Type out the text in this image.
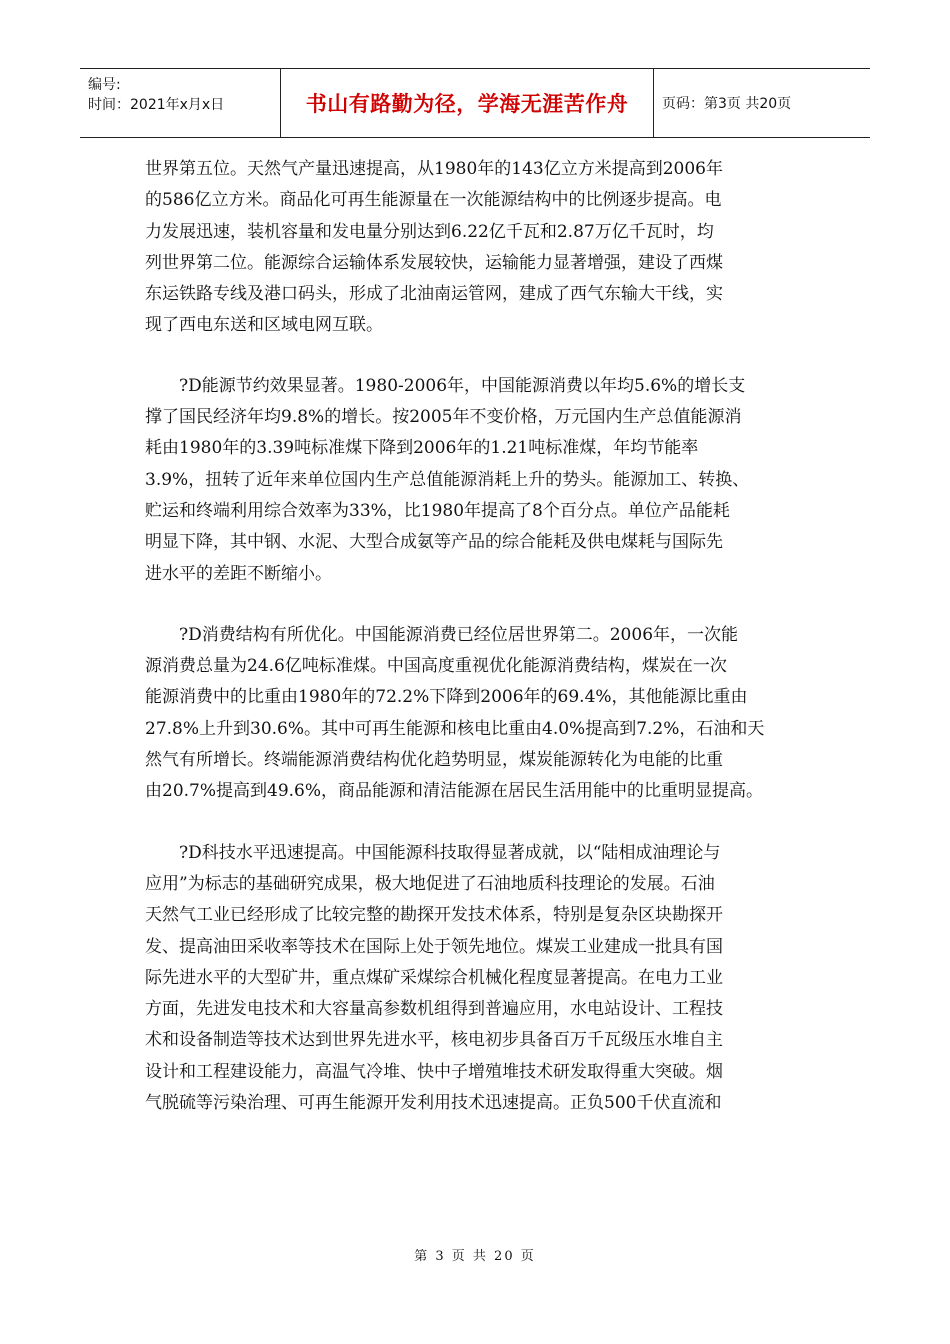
编号:
时间：2021年x月x日	书山有路勤为径，学海无涯苦作舟	页码：第3页 共20页

世界第五位。天然气产量迅速提高，从1980年的143亿立方米提高到2006年
的586亿立方米。商品化可再生能源量在一次能源结构中的比例逐步提高。电
力发展迅速，装机容量和发电量分别达到6.22亿千瓦和2.87万亿千瓦时，均
列世界第二位。能源综合运输体系发展较快，运输能力显著增强，建设了西煤
东运铁路专线及港口码头，形成了北油南运管网，建成了西气东输大干线，实
现了西电东送和区域电网互联。

　　?D能源节约效果显著。1980-2006年，中国能源消费以年均5.6%的增长支
撑了国民经济年均9.8%的增长。按2005年不变价格，万元国内生产总值能源消
耗由1980年的3.39吨标准煤下降到2006年的1.21吨标准煤，年均节能率
3.9%，扭转了近年来单位国内生产总值能源消耗上升的势头。能源加工、转换、
贮运和终端利用综合效率为33%，比1980年提高了8个百分点。单位产品能耗
明显下降，其中钢、水泥、大型合成氨等产品的综合能耗及供电煤耗与国际先
进水平的差距不断缩小。

　　?D消费结构有所优化。中国能源消费已经位居世界第二。2006年，一次能
源消费总量为24.6亿吨标准煤。中国高度重视优化能源消费结构，煤炭在一次
能源消费中的比重由1980年的72.2%下降到2006年的69.4%，其他能源比重由
27.8%上升到30.6%。其中可再生能源和核电比重由4.0%提高到7.2%，石油和天
然气有所增长。终端能源消费结构优化趋势明显，煤炭能源转化为电能的比重
由20.7%提高到49.6%，商品能源和清洁能源在居民生活用能中的比重明显提高。

　　?D科技水平迅速提高。中国能源科技取得显著成就，以“陆相成油理论与
应用”为标志的基础研究成果，极大地促进了石油地质科技理论的发展。石油
天然气工业已经形成了比较完整的勘探开发技术体系，特别是复杂区块勘探开
发、提高油田采收率等技术在国际上处于领先地位。煤炭工业建成一批具有国
际先进水平的大型矿井，重点煤矿采煤综合机械化程度显著提高。在电力工业
方面，先进发电技术和大容量高参数机组得到普遍应用，水电站设计、工程技
术和设备制造等技术达到世界先进水平，核电初步具备百万千瓦级压水堆自主
设计和工程建设能力，高温气冷堆、快中子增殖堆技术研发取得重大突破。烟
气脱硫等污染治理、可再生能源开发利用技术迅速提高。正负500千伏直流和

第 3 页 共 20 页
